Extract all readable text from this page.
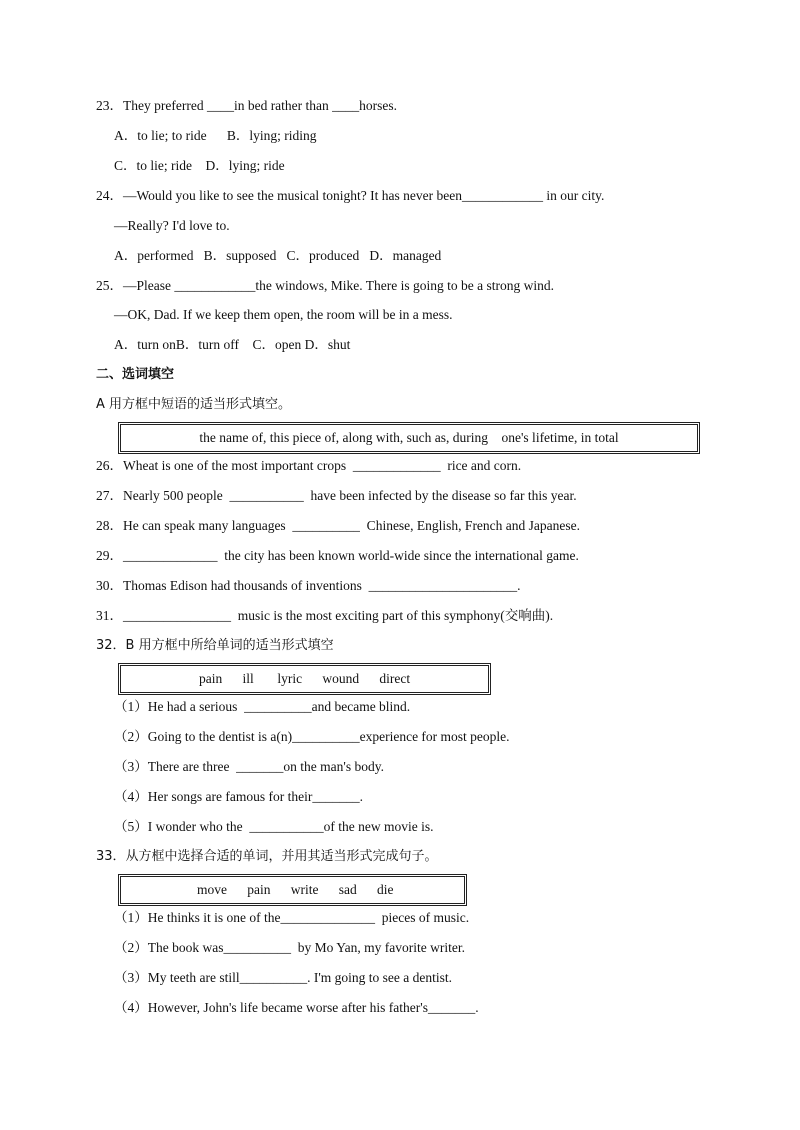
23．They preferred ____in bed rather than ____horses.
A．to lie; to ride      B．lying; riding
C．to lie; ride    D．lying; ride
24．—Would you like to see the musical tonight? It has never been____________ in our city.
—Really? I'd love to.
A．performed   B．supposed   C．produced   D．managed
25．—Please ____________the windows, Mike. There is going to be a strong wind.
—OK, Dad. If we keep them open, the room will be in a mess.
A．turn onB．turn off    C．open D．shut
二、选词填空
A 用方框中短语的适当形式填空。
the name of, this piece of, along with, such as, during    one's lifetime, in total
26．Wheat is one of the most important crops  _____________  rice and corn.
27．Nearly 500 people  ___________  have been infected by the disease so far this year.
28．He can speak many languages  __________  Chinese, English, French and Japanese.
29．______________  the city has been known world-wide since the international game.
30．Thomas Edison had thousands of inventions  ______________________.
31．________________  music is the most exciting part of this symphony(交响曲).
32．B 用方框中所给单词的适当形式填空
pain      ill       lyric      wound      direct
（1）He had a serious  __________and became blind.
（2）Going to the dentist is a(n)__________experience for most people.
（3）There are three  _______on the man's body.
（4）Her songs are famous for their_______.
（5）I wonder who the  ___________of the new movie is.
33．从方框中选择合适的单词，并用其适当形式完成句子。
move      pain      write      sad      die
（1）He thinks it is one of the______________  pieces of music.
（2）The book was__________  by Mo Yan, my favorite writer.
（3）My teeth are still__________. I'm going to see a dentist.
（4）However, John's life became worse after his father's_______.
